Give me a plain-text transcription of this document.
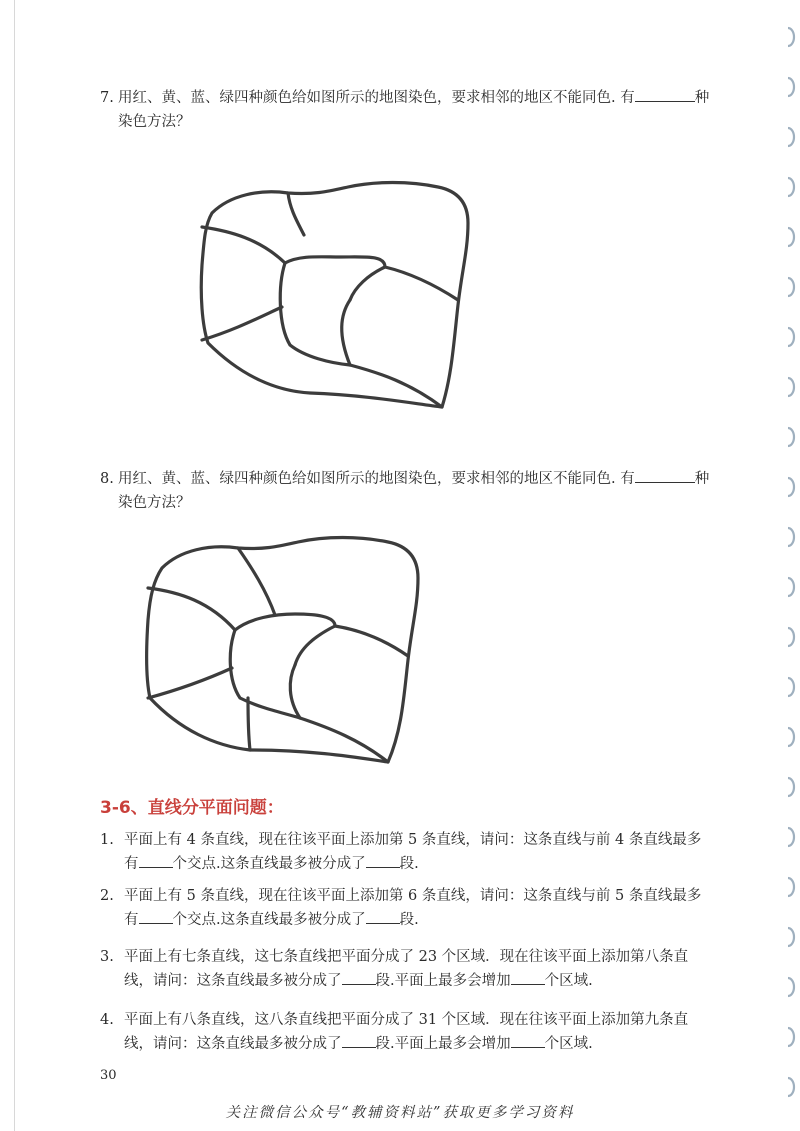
7. 用红、黄、蓝、绿四种颜色给如图所示的地图染色，要求相邻的地区不能同色. 有	种
染色方法？
8. 用红、黄、蓝、绿四种颜色给如图所示的地图染色，要求相邻的地区不能同色. 有	种
染色方法？
3-6、直线分平面问题：
1. 平面上有 4 条直线，现在往该平面上添加第 5 条直线，请问：这条直线与前 4 条直线最多
有 个交点.这条直线最多被分成了 段.
2. 平面上有 5 条直线，现在往该平面上添加第 6 条直线，请问：这条直线与前 5 条直线最多
有 个交点.这条直线最多被分成了 段.
3. 平面上有七条直线，这七条直线把平面分成了 23 个区域．现在往该平面上添加第八条直
线，请问：这条直线最多被分成了 段.平面上最多会增加 个区域.
4. 平面上有八条直线，这八条直线把平面分成了 31 个区域．现在往该平面上添加第九条直
线，请问：这条直线最多被分成了 段.平面上最多会增加 个区域.
30
关注微信公众号“教辅资料站”获取更多学习资料
